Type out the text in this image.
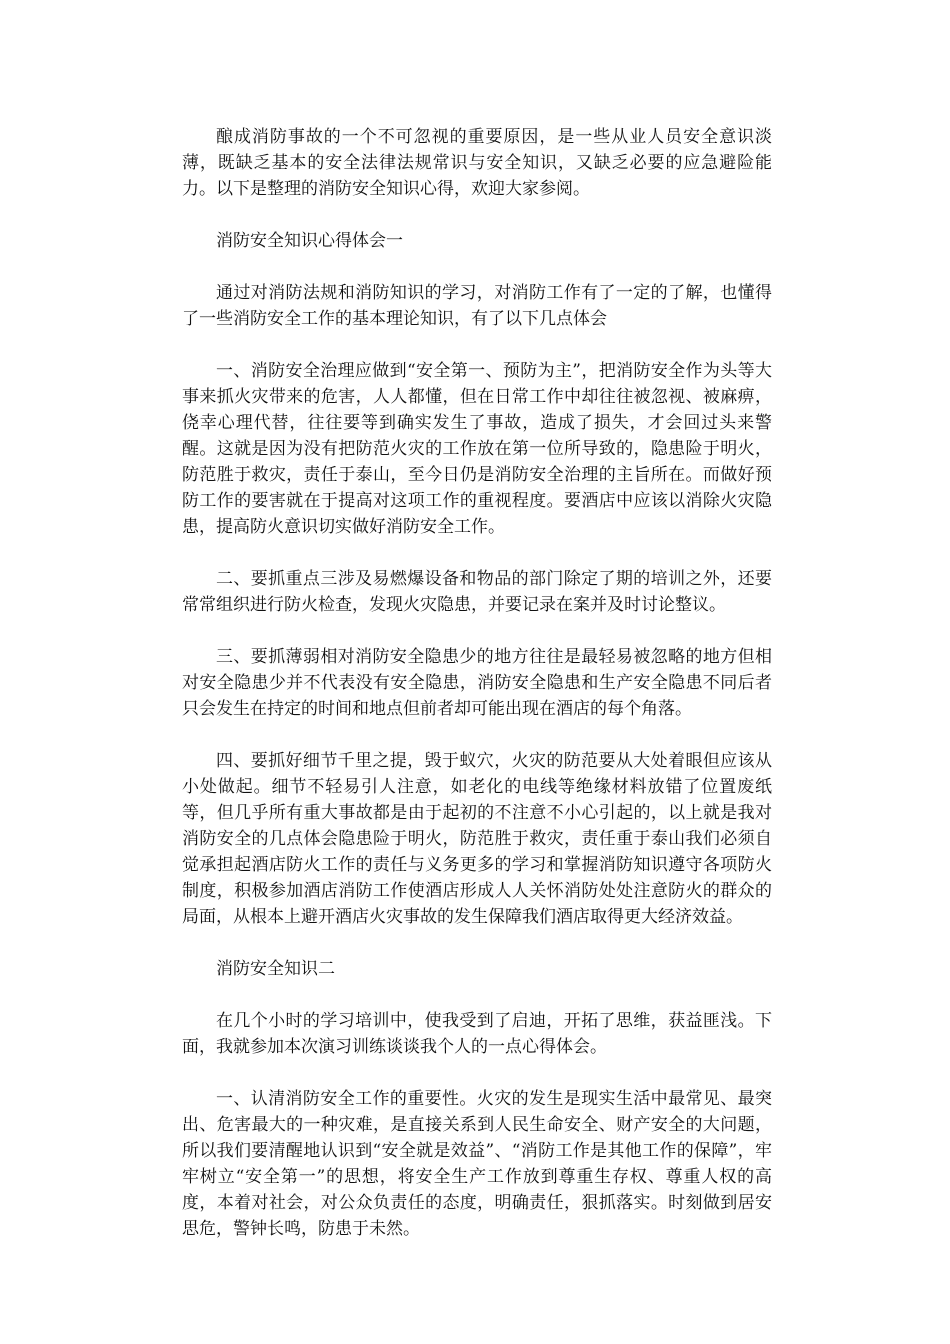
酿成消防事故的一个不可忽视的重要原因，是一些从业人员安全意识淡薄，既缺乏基本的安全法律法规常识与安全知识，又缺乏必要的应急避险能力。以下是整理的消防安全知识心得，欢迎大家参阅。

消防安全知识心得体会一

通过对消防法规和消防知识的学习，对消防工作有了一定的了解，也懂得了一些消防安全工作的基本理论知识，有了以下几点体会

一、消防安全治理应做到“安全第一、预防为主”，把消防安全作为头等大事来抓火灾带来的危害，人人都懂，但在日常工作中却往往被忽视、被麻痹，侥幸心理代替，往往要等到确实发生了事故，造成了损失，才会回过头来警醒。这就是因为没有把防范火灾的工作放在第一位所导致的，隐患险于明火，防范胜于救灾，责任于泰山，至今日仍是消防安全治理的主旨所在。而做好预防工作的要害就在于提高对这项工作的重视程度。要酒店中应该以消除火灾隐患，提高防火意识切实做好消防安全工作。

二、要抓重点三涉及易燃爆设备和物品的部门除定了期的培训之外，还要常常组织进行防火检查，发现火灾隐患，并要记录在案并及时讨论整议。

三、要抓薄弱相对消防安全隐患少的地方往往是最轻易被忽略的地方但相对安全隐患少并不代表没有安全隐患，消防安全隐患和生产安全隐患不同后者只会发生在持定的时间和地点但前者却可能出现在酒店的每个角落。

四、要抓好细节千里之提，毁于蚁穴，火灾的防范要从大处着眼但应该从小处做起。细节不轻易引人注意，如老化的电线等绝缘材料放错了位置废纸等，但几乎所有重大事故都是由于起初的不注意不小心引起的，以上就是我对消防安全的几点体会隐患险于明火，防范胜于救灾，责任重于泰山我们必须自觉承担起酒店防火工作的责任与义务更多的学习和掌握消防知识遵守各项防火制度，积极参加酒店消防工作使酒店形成人人关怀消防处处注意防火的群众的局面，从根本上避开酒店火灾事故的发生保障我们酒店取得更大经济效益。

消防安全知识二

在几个小时的学习培训中，使我受到了启迪，开拓了思维，获益匪浅。下面，我就参加本次演习训练谈谈我个人的一点心得体会。

一、认清消防安全工作的重要性。火灾的发生是现实生活中最常见、最突出、危害最大的一种灾难，是直接关系到人民生命安全、财产安全的大问题，所以我们要清醒地认识到“安全就是效益”、“消防工作是其他工作的保障”，牢牢树立“安全第一”的思想，将安全生产工作放到尊重生存权、尊重人权的高度，本着对社会，对公众负责任的态度，明确责任，狠抓落实。时刻做到居安思危，警钟长鸣，防患于未然。
